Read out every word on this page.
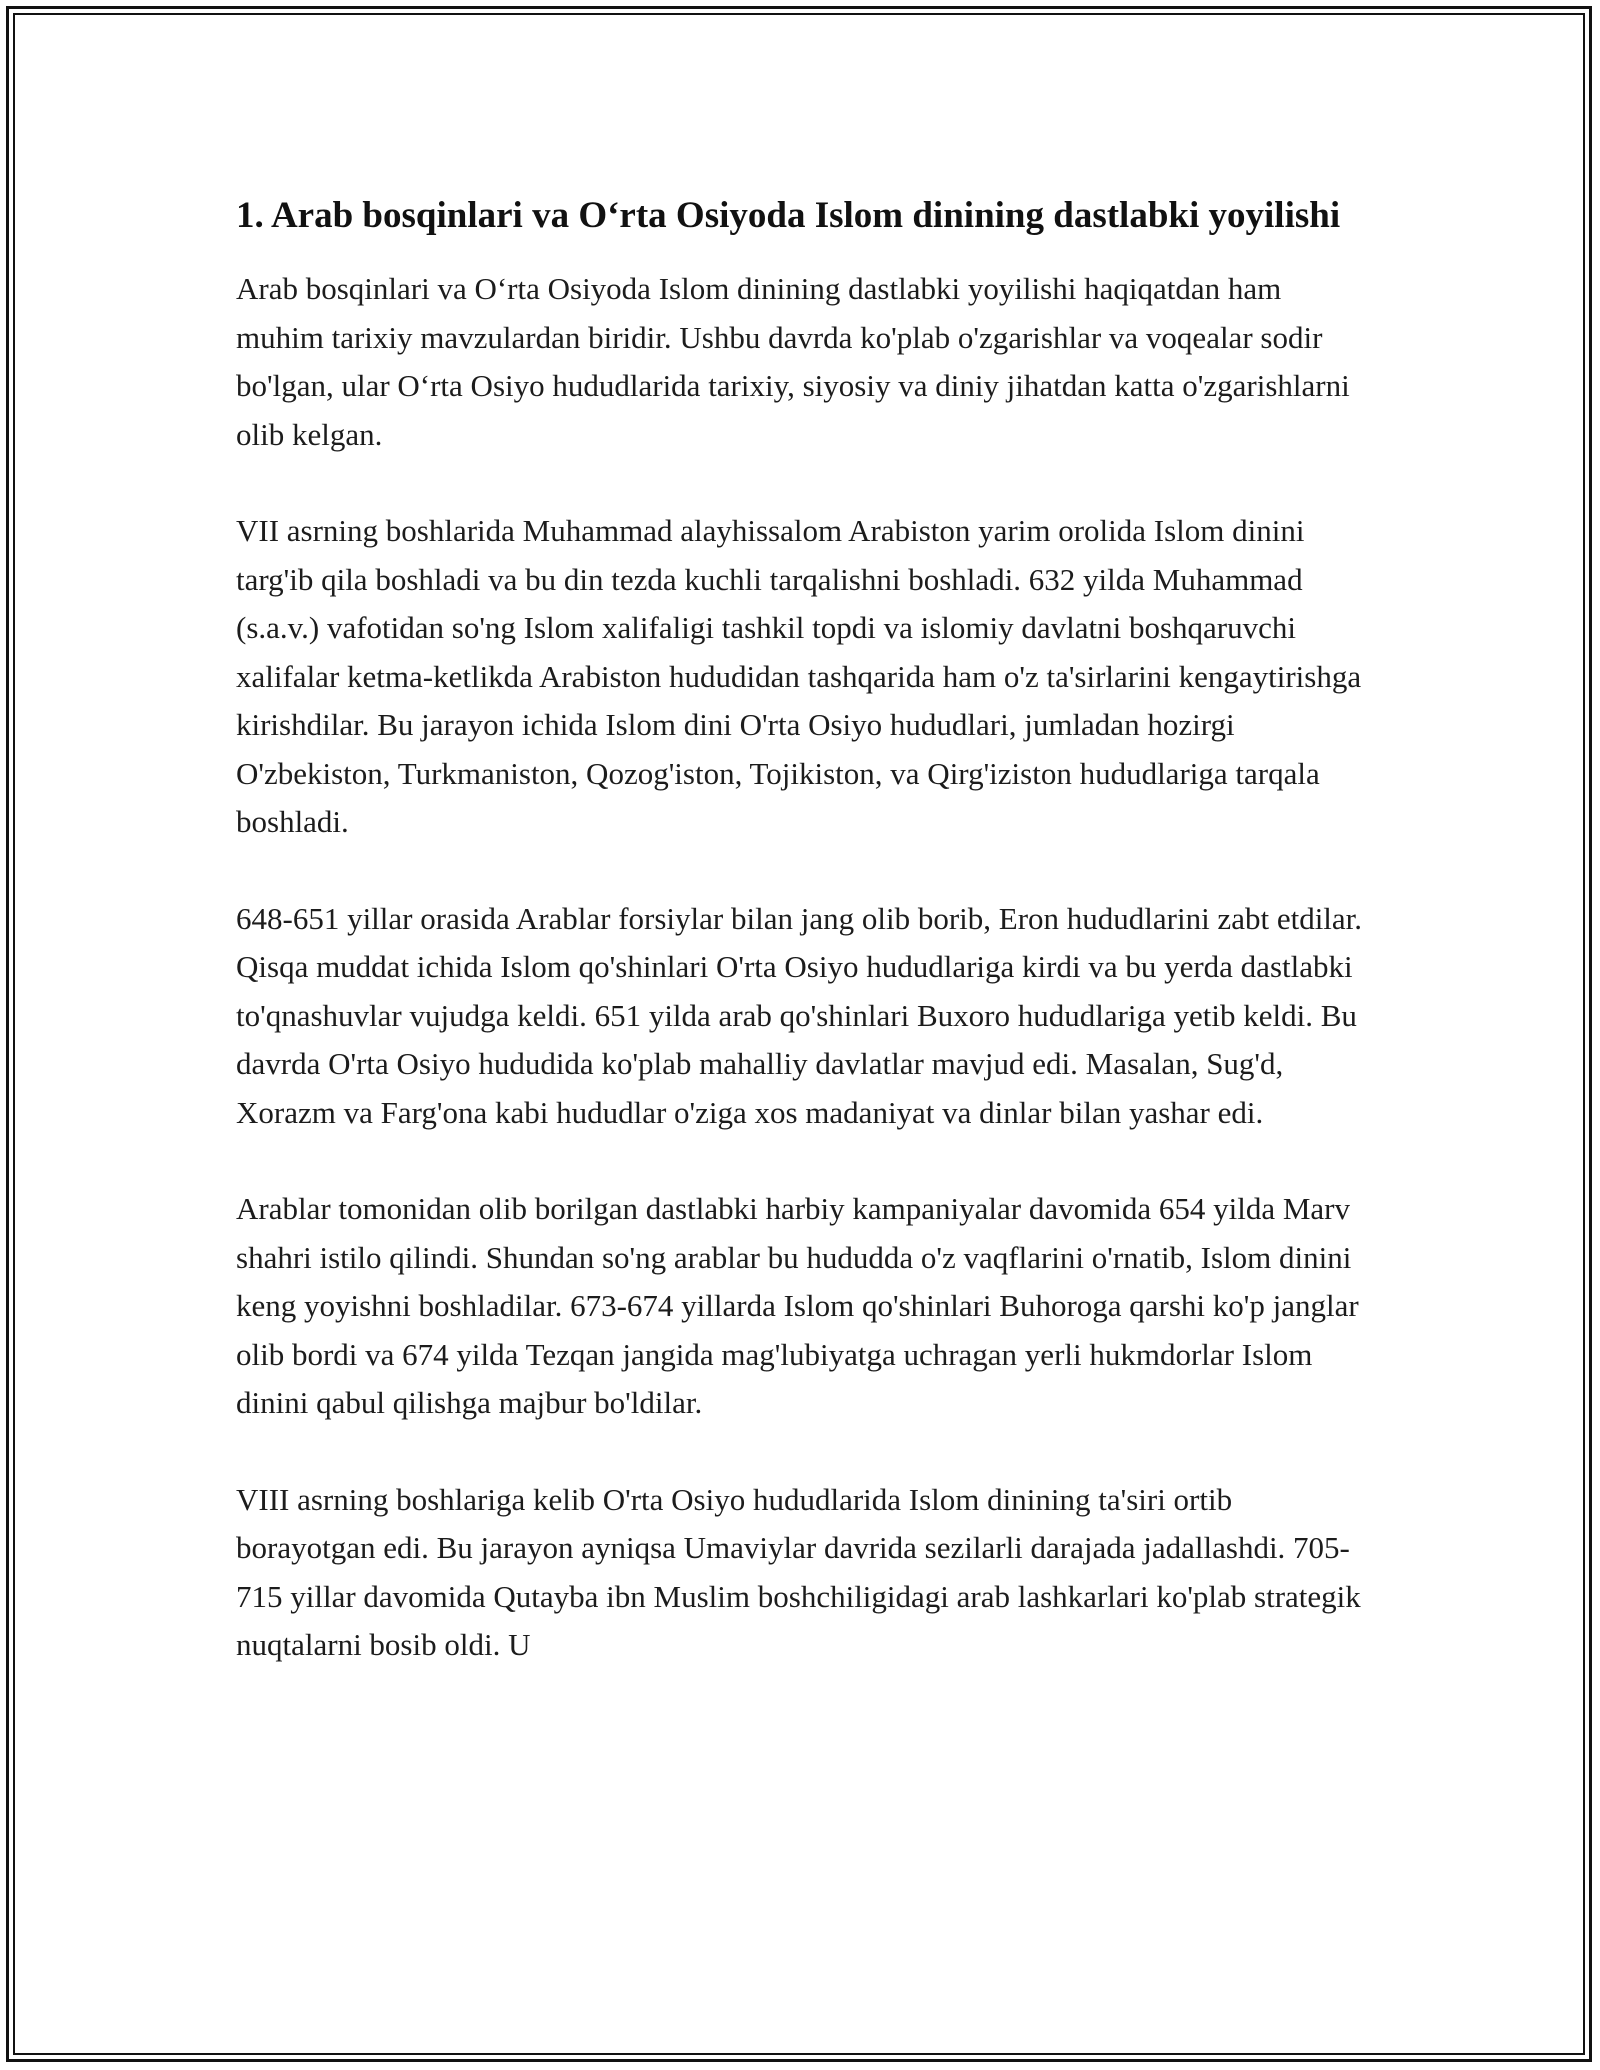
1. Arab bosqinlari va O‘rta Osiyoda Islom dinining dastlabki yoyilishi

Arab bosqinlari va O‘rta Osiyoda Islom dinining dastlabki yoyilishi haqiqatdan ham muhim tarixiy mavzulardan biridir. Ushbu davrda ko'plab o'zgarishlar va voqealar sodir bo'lgan, ular O‘rta Osiyo hududlarida tarixiy, siyosiy va diniy jihatdan katta o'zgarishlarni olib kelgan.

VII asrning boshlarida Muhammad alayhissalom Arabiston yarim orolida Islom dinini targ'ib qila boshladi va bu din tezda kuchli tarqalishni boshladi. 632 yilda Muhammad (s.a.v.) vafotidan so'ng Islom xalifaligi tashkil topdi va islomiy davlatni boshqaruvchi xalifalar ketma-ketlikda Arabiston hududidan tashqarida ham o'z ta'sirlarini kengaytirishga kirishdilar. Bu jarayon ichida Islom dini O'rta Osiyo hududlari, jumladan hozirgi O'zbekiston, Turkmaniston, Qozog'iston, Tojikiston, va Qirg'iziston hududlariga tarqala boshladi.

648-651 yillar orasida Arablar forsiylar bilan jang olib borib, Eron hududlarini zabt etdilar. Qisqa muddat ichida Islom qo'shinlari O'rta Osiyo hududlariga kirdi va bu yerda dastlabki to'qnashuvlar vujudga keldi. 651 yilda arab qo'shinlari Buxoro hududlariga yetib keldi. Bu davrda O'rta Osiyo hududida ko'plab mahalliy davlatlar mavjud edi. Masalan, Sug'd, Xorazm va Farg'ona kabi hududlar o'ziga xos madaniyat va dinlar bilan yashar edi.

Arablar tomonidan olib borilgan dastlabki harbiy kampaniyalar davomida 654 yilda Marv shahri istilo qilindi. Shundan so'ng arablar bu hududda o'z vaqflarini o'rnatib, Islom dinini keng yoyishni boshladilar. 673-674 yillarda Islom qo'shinlari Buhoroga qarshi ko'p janglar olib bordi va 674 yilda Tezqan jangida mag'lubiyatga uchragan yerli hukmdorlar Islom dinini qabul qilishga majbur bo'ldilar.

VIII asrning boshlariga kelib O'rta Osiyo hududlarida Islom dinining ta'siri ortib borayotgan edi. Bu jarayon ayniqsa Umaviylar davrida sezilarli darajada jadallashdi. 705-715 yillar davomida Qutayba ibn Muslim boshchiligidagi arab lashkarlari ko'plab strategik nuqtalarni bosib oldi. U
